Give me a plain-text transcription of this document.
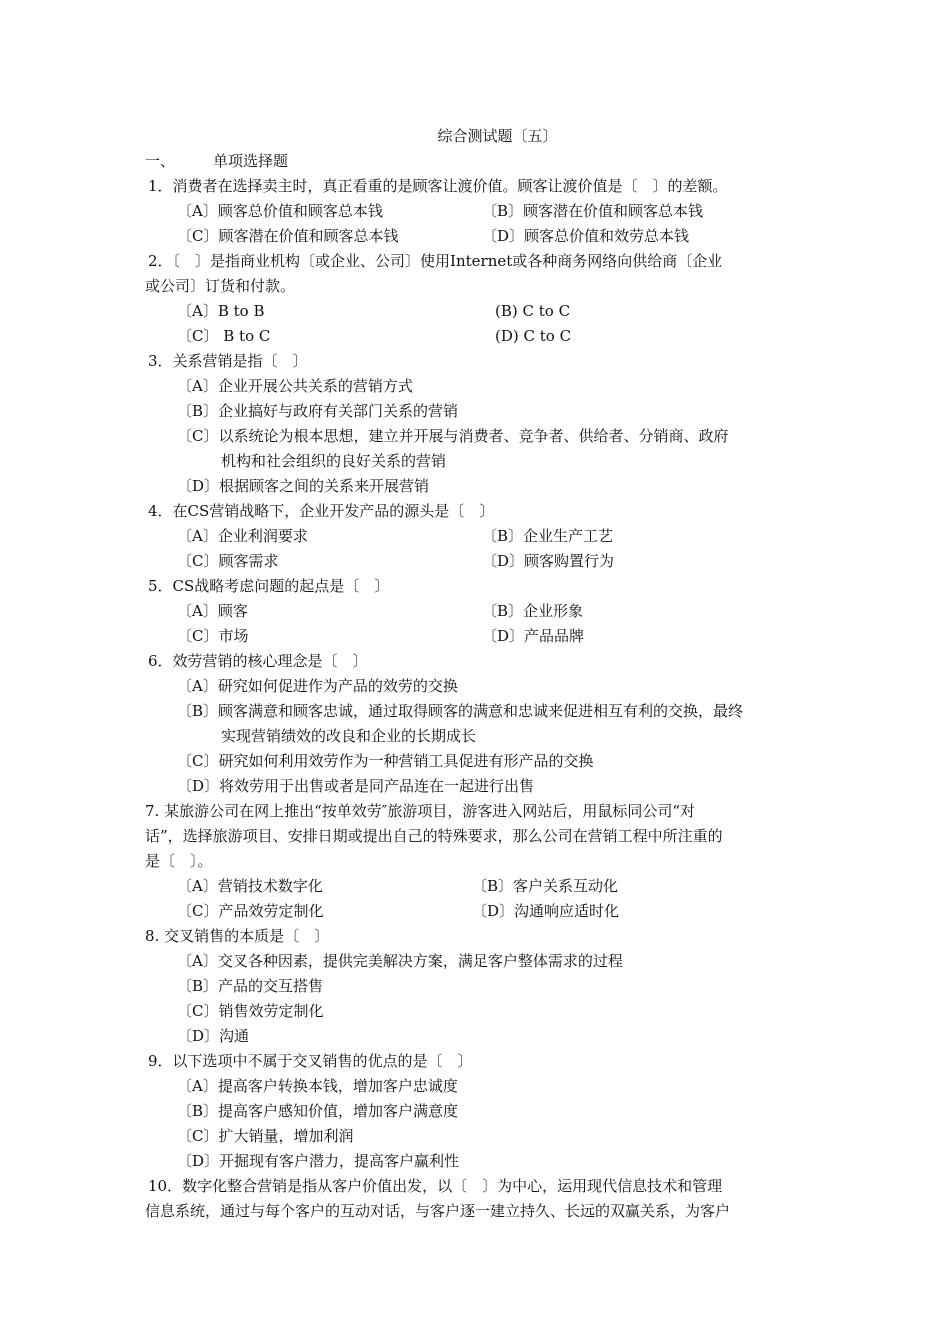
综合测试题〔五〕
一、	单项选择题
1．消费者在选择卖主时，真正看重的是顾客让渡价值。顾客让渡价值是〔　〕的差额。
〔A〕顾客总价值和顾客总本钱	〔B〕顾客潜在价值和顾客总本钱
〔C〕顾客潜在价值和顾客总本钱	〔D〕顾客总价值和效劳总本钱
2．〔　〕是指商业机构〔或企业、公司〕使用Internet或各种商务网络向供给商〔企业
或公司〕订货和付款。
〔A〕B to B	(B) C to C
〔C〕 B to C	(D) C to C
3．关系营销是指〔　〕
〔A〕企业开展公共关系的营销方式
〔B〕企业搞好与政府有关部门关系的营销
〔C〕以系统论为根本思想，建立并开展与消费者、竞争者、供给者、分销商、政府
机构和社会组织的良好关系的营销
〔D〕根据顾客之间的关系来开展营销
4．在CS营销战略下，企业开发产品的源头是〔　〕
〔A〕企业利润要求	〔B〕企业生产工艺
〔C〕顾客需求	〔D〕顾客购置行为
5．CS战略考虑问题的起点是〔　〕
〔A〕顾客	〔B〕企业形象
〔C〕市场	〔D〕产品品牌
6．效劳营销的核心理念是〔　〕
〔A〕研究如何促进作为产品的效劳的交换
〔B〕顾客满意和顾客忠诚，通过取得顾客的满意和忠诚来促进相互有利的交换，最终
实现营销绩效的改良和企业的长期成长
〔C〕研究如何利用效劳作为一种营销工具促进有形产品的交换
〔D〕将效劳用于出售或者是同产品连在一起进行出售
7. 某旅游公司在网上推出“按单效劳″旅游项目，游客进入网站后，用鼠标同公司“对
话”，选择旅游项目、安排日期或提出自己的特殊要求，那么公司在营销工程中所注重的
是〔　〕。
〔A〕营销技术数字化	〔B〕客户关系互动化
〔C〕产品效劳定制化	〔D〕沟通响应适时化
8. 交叉销售的本质是〔　〕
〔A〕交叉各种因素，提供完美解决方案，满足客户整体需求的过程
〔B〕产品的交互搭售
〔C〕销售效劳定制化
〔D〕沟通
9．以下选项中不属于交叉销售的优点的是〔　〕
〔A〕提高客户转换本钱，增加客户忠诚度
〔B〕提高客户感知价值，增加客户满意度
〔C〕扩大销量，增加利润
〔D〕开掘现有客户潜力，提高客户赢利性
10．数字化整合营销是指从客户价值出发，以〔　〕为中心，运用现代信息技术和管理
信息系统，通过与每个客户的互动对话，与客户逐一建立持久、长远的双赢关系，为客户
